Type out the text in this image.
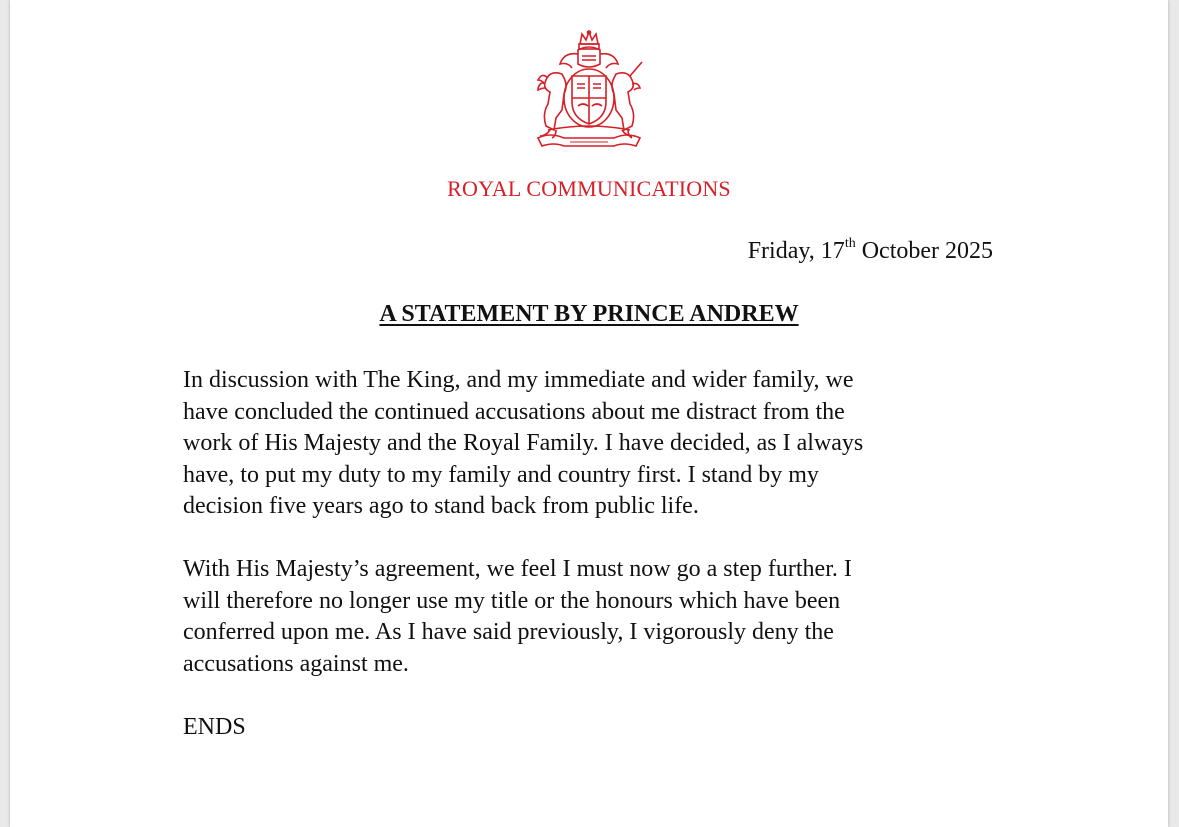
ROYAL COMMUNICATIONS
Friday, 17th October 2025
A STATEMENT BY PRINCE ANDREW

In discussion with The King, and my immediate and wider family, we
have concluded the continued accusations about me distract from the
work of His Majesty and the Royal Family. I have decided, as I always
have, to put my duty to my family and country first. I stand by my
decision five years ago to stand back from public life.

With His Majesty’s agreement, we feel I must now go a step further. I
will therefore no longer use my title or the honours which have been
conferred upon me. As I have said previously, I vigorously deny the
accusations against me.

ENDS
